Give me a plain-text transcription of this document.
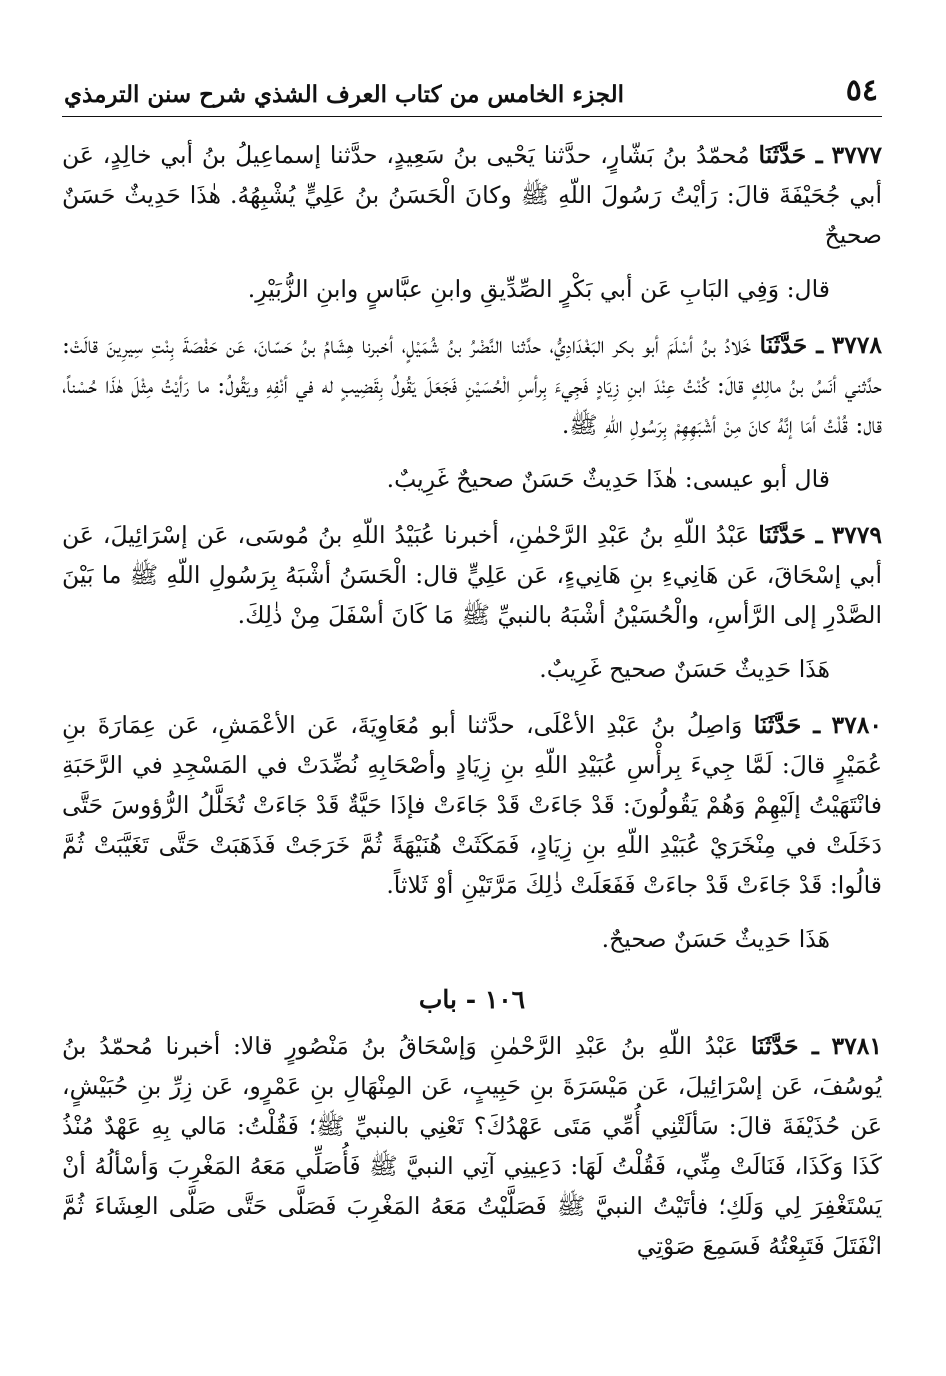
٥٤
الجزء الخامس من كتاب العرف الشذي شرح سنن الترمذي

٣٧٧٧ ـ حَدَّثَنَا مُحمّدُ بنُ بَشّارٍ، حدَّثنا يَحْيى بنُ سَعِيدٍ، حدَّثنا إسماعِيلُ بنُ أبي خالِدٍ، عَن أبي جُحَيْفَةَ قالَ: رَأيْتُ رَسُولَ اللّهِ ﷺ وكانَ الْحَسَنُ بنُ عَلِيٍّ يُشْبِهُهُ. هٰذَا حَدِيثٌ حَسَنٌ صحيحٌ

قال: وَفِي البَابِ عَن أبي بَكْرٍ الصِّدِّيقِ وابنِ عبَّاسٍ وابنِ الزُّبَيْرِ.

٣٧٧٨ ـ حَدَّثَنَا خَلادُ بنُ أسْلَمَ أبو بكر البَغْدَادِيُّ، حدَّثنا النَّضْرُ بنُ شُمَيْلٍ، أخبرنا هِشَامُ بنُ حَسّانَ، عَن حَفْصَةَ بِنْتِ سِيرِينَ قالَتْ: حدَّثني أنَسُ بنُ مالِكٍ قالَ: كُنْتُ عِنْدَ ابنِ زِيَادٍ فَجِيءَ بِرأسِ الْحُسَيْنِ فَجَعَلَ يَقُولُ بِقَضِيبٍ له في أنْفِهِ ويَقُولُ: ما رَأيْتُ مِثْلَ هٰذَا حُسْناً، قال: قُلْتُ أمَا إنَّهُ كانَ مِنْ أشْبَهِهِمْ بِرَسُولِ اللّهِ ﷺ.

قال أبو عيسى: هٰذَا حَدِيثٌ حَسَنٌ صحيحٌ غَرِيبٌ.

٣٧٧٩ ـ حَدَّثَنَا عَبْدُ اللّهِ بنُ عَبْدِ الرَّحْمٰنِ، أخبرنا عُبَيْدُ اللّهِ بنُ مُوسَى، عَن إسْرَائِيلَ، عَن أبي إسْحَاقَ، عَن هَانِيءِ بنِ هَانِيءٍ، عَن عَلِيٍّ قال: الْحَسَنُ أشْبَهُ بِرَسُولِ اللّهِ ﷺ ما بَيْنَ الصَّدْرِ إلى الرَّأسِ، والْحُسَيْنُ أشْبَهُ بالنبيِّ ﷺ مَا كَانَ أسْفَلَ مِنْ ذٰلِكَ.

هَذَا حَدِيثٌ حَسَنٌ صحيح غَرِيبٌ.

٣٧٨٠ ـ حَدَّثَنَا وَاصِلُ بنُ عَبْدِ الأعْلَى، حدَّثنا أبو مُعَاوِيَةَ، عَن الأعْمَشِ، عَن عِمَارَةَ بنِ عُمَيْرٍ قالَ: لَمَّا جِيءَ بِرأْسِ عُبَيْدِ اللّهِ بنِ زِيَادٍ وأصْحَابِهِ نُضِّدَتْ في المَسْجِدِ في الرَّحَبَةِ فانْتَهَيْتُ إلَيْهِمْ وَهُمْ يَقُولُونَ: قَدْ جَاءَتْ قَدْ جَاءَتْ فإذَا حَيَّةٌ قَدْ جَاءَتْ تُخَلَّلُ الرُّؤوسَ حَتَّى دَخَلَتْ في مِنْخَرَيْ عُبَيْدِ اللّهِ بنِ زِيَادٍ، فَمَكَثَتْ هُنَيْهَةً ثُمَّ خَرَجَتْ فَذَهَبَتْ حَتَّى تَغَيَّبَتْ ثُمَّ قالُوا: قَدْ جَاءَتْ قَدْ جاءَتْ فَفَعَلَتْ ذٰلِكَ مَرَّتَيْنِ أوْ ثَلاثاً.

هَذَا حَدِيثٌ حَسَنٌ صحيحٌ.

١٠٦ - باب

٣٧٨١ ـ حَدَّثَنَا عَبْدُ اللّهِ بنُ عَبْدِ الرَّحْمٰنِ وَإسْحَاقُ بنُ مَنْصُورٍ قالا: أخبرنا مُحمّدُ بنُ يُوسُفَ، عَن إسْرَائِيلَ، عَن مَيْسَرَةَ بنِ حَبِيبٍ، عَن المِنْهَالِ بنِ عَمْرٍو، عَن زِرِّ بنِ حُبَيْشٍ، عَن حُذَيْفَةَ قالَ: سَألَتْنِي أُمِّي مَتَى عَهْدُكَ؟ تَعْنِي بالنبيِّ ﷺ؛ فَقُلْتُ: مَالي بِهِ عَهْدٌ مُنْذُ كَذَا وَكَذَا، فَنَالَتْ مِنِّي، فَقُلْتُ لَهَا: دَعِينِي آتِي النبيَّ ﷺ فَأُصَلِّي مَعَهُ المَغْرِبَ وَأسْألُهُ أنْ يَسْتَغْفِرَ لِي وَلَكِ؛ فأتَيْتُ النبيَّ ﷺ فَصَلَّيْتُ مَعَهُ المَغْرِبَ فَصَلَّى حَتَّى صَلَّى العِشَاءَ ثُمَّ انْفَتَلَ فَتَبِعْتُهُ فَسَمِعَ صَوْتِي
